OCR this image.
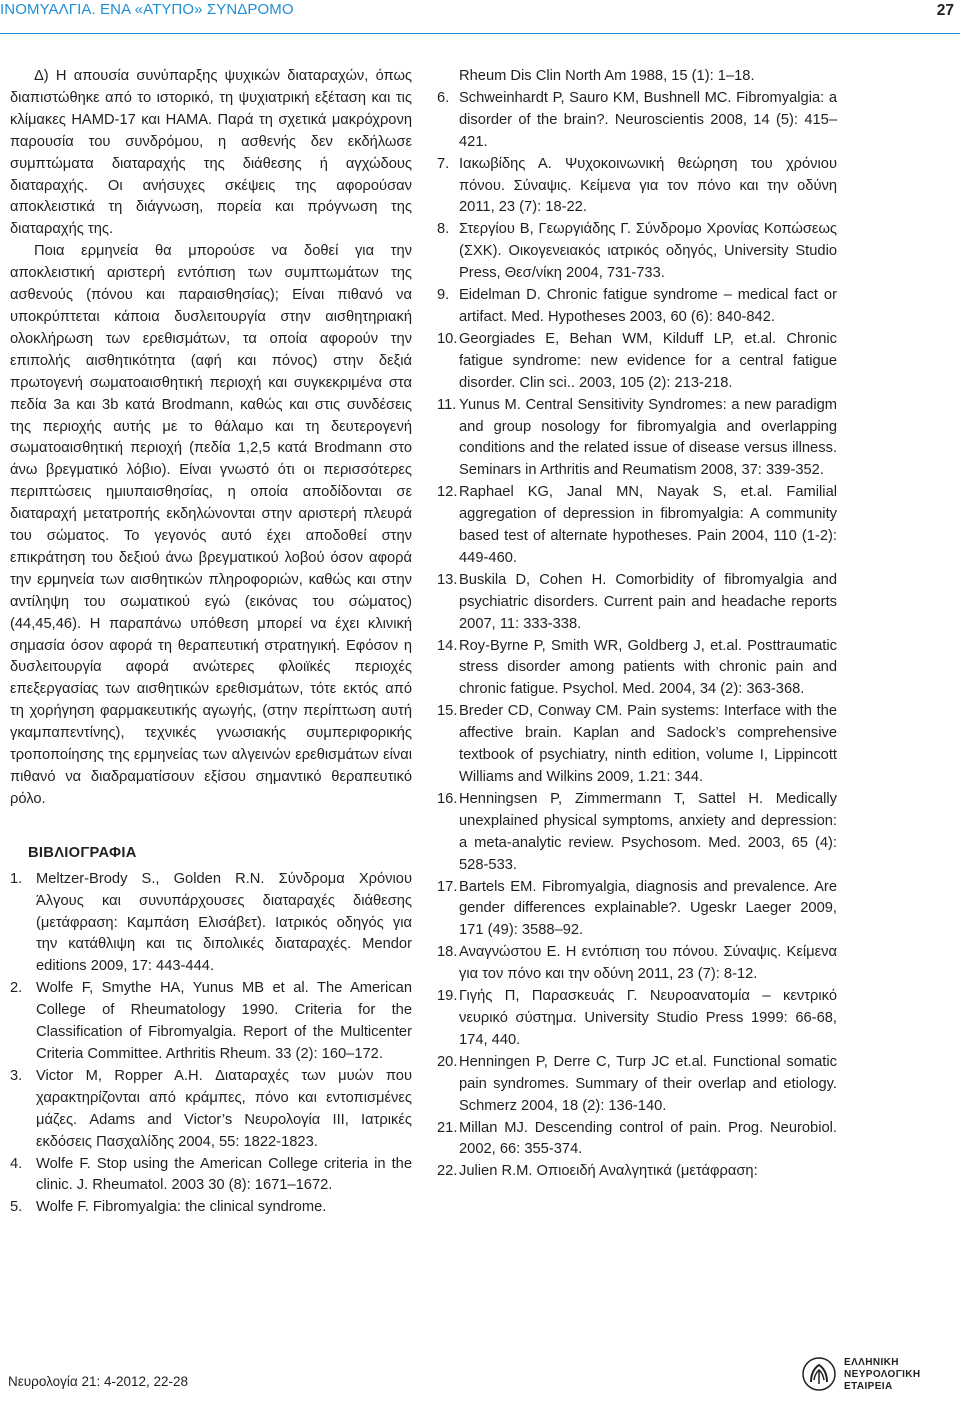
ΙΝΟΜΥΑΛΓΙΑ. ΕΝΑ «ΑΤΥΠΟ» ΣΥΝΔΡΟΜΟ	27

Δ) Η απουσία συνύπαρξης ψυχικών διαταραχών, όπως διαπιστώθηκε από το ιστορικό, τη ψυχιατρική εξέταση και τις κλίμακες HAMD-17 και HAMA. Παρά τη σχετικά μακρόχρονη παρουσία του συνδρόμου, η ασθενής δεν εκδήλωσε συμπτώματα διαταραχής της διάθεσης ή αγχώδους διαταραχής. Οι ανήσυχες σκέψεις της αφορούσαν αποκλειστικά τη διάγνωση, πορεία και πρόγνωση της διαταραχής της.

Ποια ερμηνεία θα μπορούσε να δοθεί για την αποκλειστική αριστερή εντόπιση των συμπτωμάτων της ασθενούς (πόνου και παραισθησίας); Είναι πιθανό να υποκρύπτεται κάποια δυσλειτουργία στην αισθητηριακή ολοκλήρωση των ερεθισμάτων, τα οποία αφορούν την επιπολής αισθητικότητα (αφή και πόνος) στην δεξιά πρωτογενή σωματοαισθητική περιοχή και συγκεκριμένα στα πεδία 3a και 3b κατά Brodmann, καθώς και στις συνδέσεις της περιοχής αυτής με το θάλαμο και τη δευτερογενή σωματοαισθητική περιοχή (πεδία 1,2,5 κατά Brodmann στο άνω βρεγματικό λόβιο). Είναι γνωστό ότι οι περισσότερες περιπτώσεις ημιυπαισθησίας, η οποία αποδίδονται σε διαταραχή μετατροπής εκδηλώνονται στην αριστερή πλευρά του σώματος. Το γεγονός αυτό έχει αποδοθεί στην επικράτηση του δεξιού άνω βρεγματικού λοβού όσον αφορά την ερμηνεία των αισθητικών πληροφοριών, καθώς και στην αντίληψη του σωματικού εγώ (εικόνας του σώματος) (44,45,46). Η παραπάνω υπόθεση μπορεί να έχει κλινική σημασία όσον αφορά τη θεραπευτική στρατηγική. Εφόσον η δυσλειτουργία αφορά ανώτερες φλοιϊκές περιοχές επεξεργασίας των αισθητικών ερεθισμάτων, τότε εκτός από τη χορήγηση φαρμακευτικής αγωγής, (στην περίπτωση αυτή γκαμπαπεντίνης), τεχνικές γνωσιακής συμπεριφορικής τροποποίησης της ερμηνείας των αλγεινών ερεθισμάτων είναι πιθανό να διαδραματίσουν εξίσου σημαντικό θεραπευτικό ρόλο.

ΒΙΒΛΙΟΓΡΑΦΙΑ
1. Meltzer-Brody S., Golden R.N. Σύνδρομα Χρόνιου Άλγους και συνυπάρχουσες διαταραχές διάθεσης (μετάφραση: Καμπάση Ελισάβετ). Ιατρικός οδηγός για την κατάθλιψη και τις διπολικές διαταραχές. Mendor editions 2009, 17: 443-444.
2. Wolfe F, Smythe HA, Yunus MB et al. The American College of Rheumatology 1990. Criteria for the Classification of Fibromyalgia. Report of the Multicenter Criteria Committee. Arthritis Rheum. 33 (2): 160–172.
3. Victor M, Ropper A.H. Διαταραχές των μυών που χαρακτηρίζονται από κράμπες, πόνο και εντοπισμένες μάζες. Adams and Victor’s Νευρολογία ΙΙΙ, Ιατρικές εκδόσεις Πασχαλίδης 2004, 55: 1822-1823.
4. Wolfe F. Stop using the American College criteria in the clinic. J. Rheumatol. 2003 30 (8): 1671–1672.
5. Wolfe F. Fibromyalgia: the clinical syndrome.
Rheum Dis Clin North Am 1988, 15 (1): 1–18.
6. Schweinhardt P, Sauro KM, Bushnell MC. Fibromyalgia: a disorder of the brain?. Neuroscientis 2008, 14 (5): 415–421.
7. Ιακωβίδης Α. Ψυχοκοινωνική θεώρηση του χρόνιου πόνου. Σύναψις. Κείμενα για τον πόνο και την οδύνη 2011, 23 (7): 18-22.
8. Στεργίου Β, Γεωργιάδης Γ. Σύνδρομο Χρονίας Κοπώσεως (ΣΧΚ). Οικογενειακός ιατρικός οδηγός, University Studio Press, Θεσ/νίκη 2004, 731-733.
9. Eidelman D. Chronic fatigue syndrome – medical fact or artifact. Med. Hypotheses 2003, 60 (6): 840-842.
10. Georgiades E, Behan WM, Kilduff LP, et.al. Chronic fatigue syndrome: new evidence for a central fatigue disorder. Clin sci.. 2003, 105 (2): 213-218.
11. Yunus M. Central Sensitivity Syndromes: a new paradigm and group nosology for fibromyalgia and overlapping conditions and the related issue of disease versus illness. Seminars in Arthritis and Reumatism 2008, 37: 339-352.
12. Raphael KG, Janal MN, Nayak S, et.al. Familial aggregation of depression in fibromyalgia: A community based test of alternate hypotheses. Pain 2004, 110 (1-2): 449-460.
13. Buskila D, Cohen H. Comorbidity of fibromyalgia and psychiatric disorders. Current pain and headache reports 2007, 11: 333-338.
14. Roy-Byrne P, Smith WR, Goldberg J, et.al. Posttraumatic stress disorder among patients with chronic pain and chronic fatigue. Psychol. Med. 2004, 34 (2): 363-368.
15. Breder CD, Conway CM. Pain systems: Interface with the affective brain. Kaplan and Sadock’s comprehensive textbook of psychiatry, ninth edition, volume I, Lippincott Williams and Wilkins 2009, 1.21: 344.
16. Henningsen P, Zimmermann T, Sattel H. Medically unexplained physical symptoms, anxiety and depression: a meta-analytic review. Psychosom. Med. 2003, 65 (4): 528-533.
17. Bartels EM. Fibromyalgia, diagnosis and prevalence. Are gender differences explainable?. Ugeskr Laeger 2009, 171 (49): 3588–92.
18. Αναγνώστου Ε. Η εντόπιση του πόνου. Σύναψις. Κείμενα για τον πόνο και την οδύνη 2011, 23 (7): 8-12.
19. Γιγής Π, Παρασκευάς Γ. Νευροανατομία – κεντρικό νευρικό σύστημα. University Studio Press 1999: 66-68, 174, 440.
20. Henningen P, Derre C, Turp JC et.al. Functional somatic pain syndromes. Summary of their overlap and etiology. Schmerz 2004, 18 (2): 136-140.
21. Millan MJ. Descending control of pain. Prog. Neurobiol. 2002, 66: 355-374.
22. Julien R.M. Οπιοειδή Αναλγητικά (μετάφραση:
Νευρολογία 21: 4-2012, 22-28
ΕΛΛΗΝΙΚΗ
ΝΕΥΡΟΛΟΓΙΚΗ
ΕΤΑΙΡΕΙΑ
